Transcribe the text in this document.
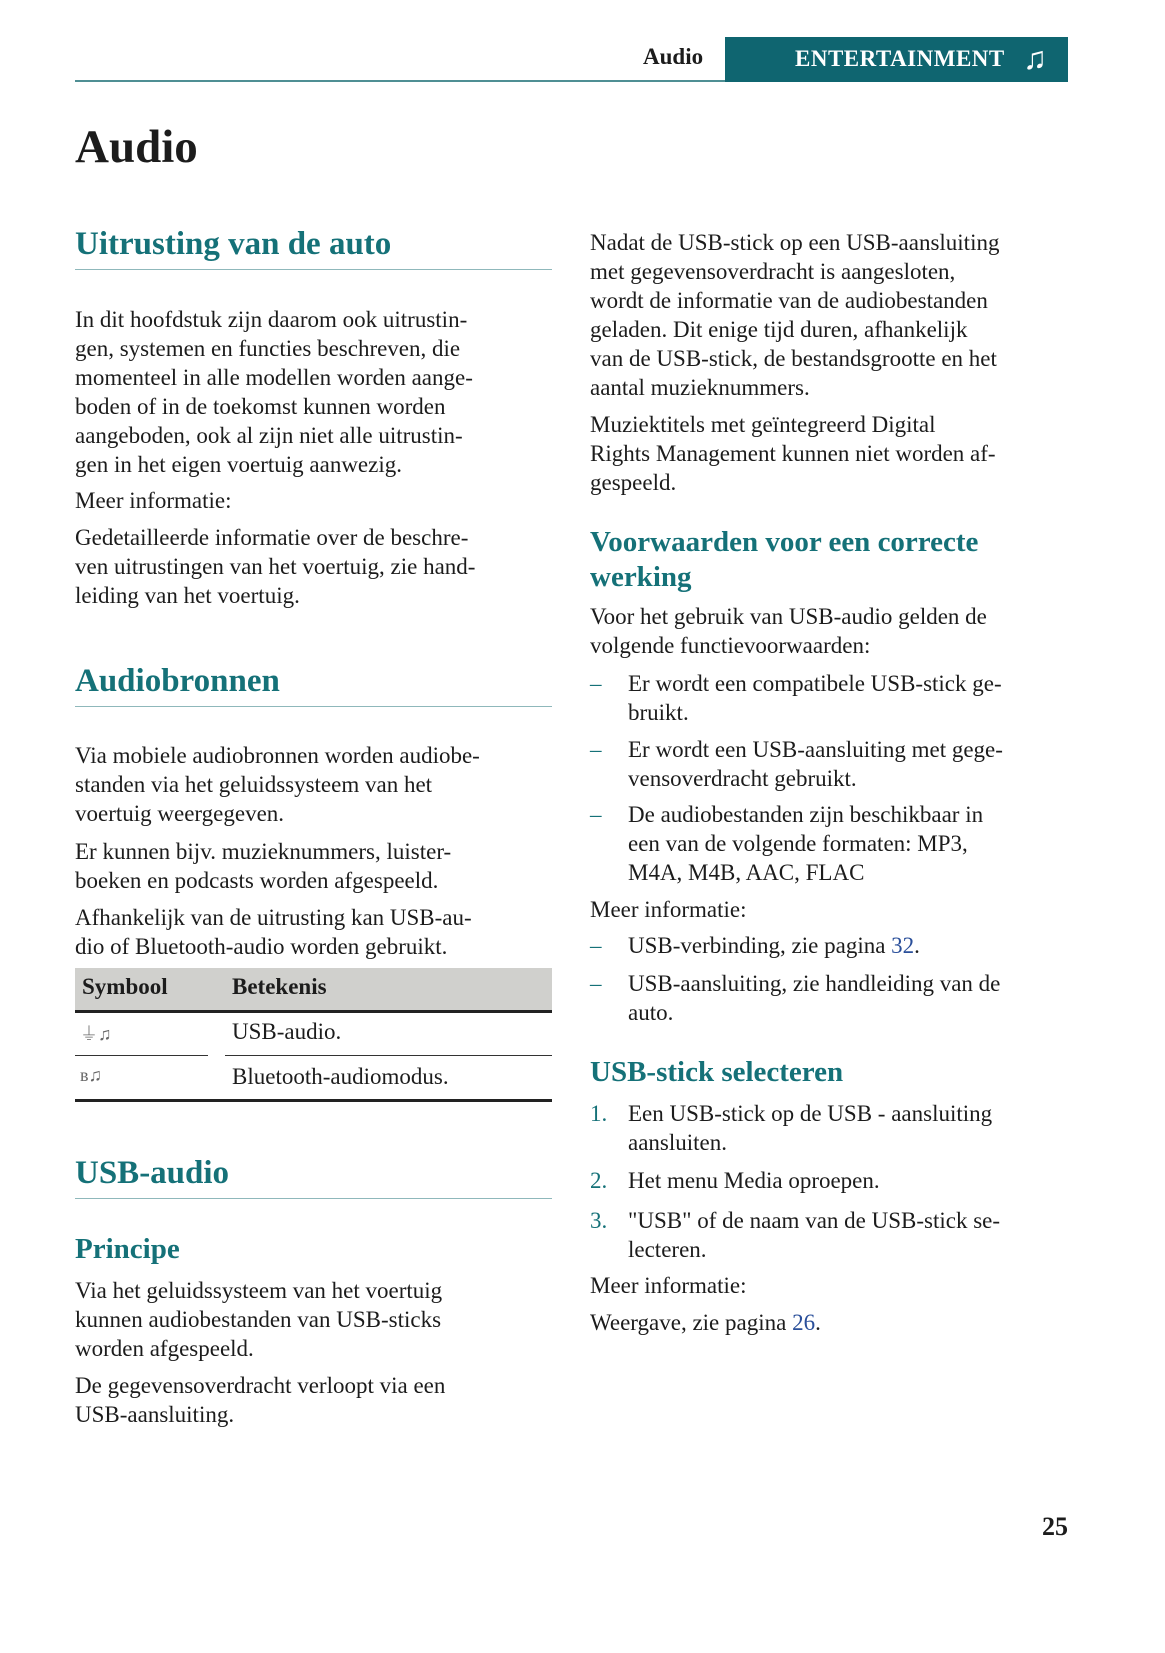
Audio	ENTERTAINMENT ♫
Audio
Uitrusting van de auto
In dit hoofdstuk zijn daarom ook uitrustin-
gen, systemen en functies beschreven, die
momenteel in alle modellen worden aange-
boden of in de toekomst kunnen worden
aangeboden, ook al zijn niet alle uitrustin-
gen in het eigen voertuig aanwezig.
Meer informatie:
Gedetailleerde informatie over de beschre-
ven uitrustingen van het voertuig, zie hand-
leiding van het voertuig.
Audiobronnen
Via mobiele audiobronnen worden audiobe-
standen via het geluidssysteem van het
voertuig weergegeven.
Er kunnen bijv. muzieknummers, luister-
boeken en podcasts worden afgespeeld.
Afhankelijk van de uitrusting kan USB-au-
dio of Bluetooth-audio worden gebruikt.
Symbool	Betekenis
⏚♫	USB-audio.
ʙ♫	Bluetooth-audiomodus.
USB-audio
Principe
Via het geluidssysteem van het voertuig
kunnen audiobestanden van USB-sticks
worden afgespeeld.
De gegevensoverdracht verloopt via een
USB-aansluiting.
Nadat de USB-stick op een USB-aansluiting
met gegevensoverdracht is aangesloten,
wordt de informatie van de audiobestanden
geladen. Dit enige tijd duren, afhankelijk
van de USB-stick, de bestandsgrootte en het
aantal muzieknummers.
Muziektitels met geïntegreerd Digital
Rights Management kunnen niet worden af-
gespeeld.
Voorwaarden voor een correcte
werking
Voor het gebruik van USB-audio gelden de
volgende functievoorwaarden:
– Er wordt een compatibele USB-stick ge-
bruikt.
– Er wordt een USB-aansluiting met gege-
vensoverdracht gebruikt.
– De audiobestanden zijn beschikbaar in
een van de volgende formaten: MP3,
M4A, M4B, AAC, FLAC
Meer informatie:
– USB-verbinding, zie pagina 32.
– USB-aansluiting, zie handleiding van de
auto.
USB-stick selecteren
1. Een USB-stick op de USB ‐ aansluiting
aansluiten.
2. Het menu Media oproepen.
3. "USB" of de naam van de USB-stick se-
lecteren.
Meer informatie:
Weergave, zie pagina 26.
25
